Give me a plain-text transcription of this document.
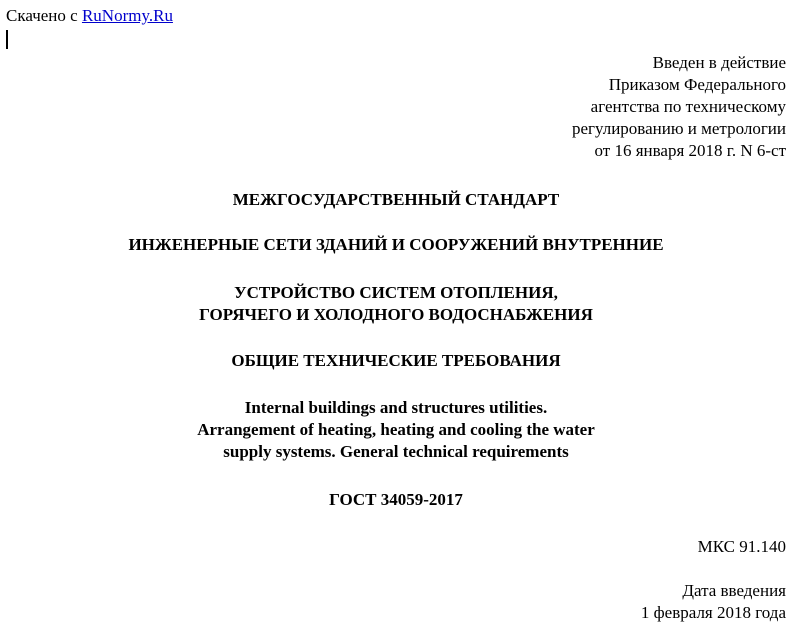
Скачено с RuNormy.Ru
Введен в действие
Приказом Федерального
агентства по техническому
регулированию и метрологии
от 16 января 2018 г. N 6-ст
МЕЖГОСУДАРСТВЕННЫЙ СТАНДАРТ
ИНЖЕНЕРНЫЕ СЕТИ ЗДАНИЙ И СООРУЖЕНИЙ ВНУТРЕННИЕ
УСТРОЙСТВО СИСТЕМ ОТОПЛЕНИЯ,
ГОРЯЧЕГО И ХОЛОДНОГО ВОДОСНАБЖЕНИЯ
ОБЩИЕ ТЕХНИЧЕСКИЕ ТРЕБОВАНИЯ
Internal buildings and structures utilities.
Arrangement of heating, heating and cooling the water
supply systems. General technical requirements
ГОСТ 34059-2017
МКС 91.140
Дата введения
1 февраля 2018 года
